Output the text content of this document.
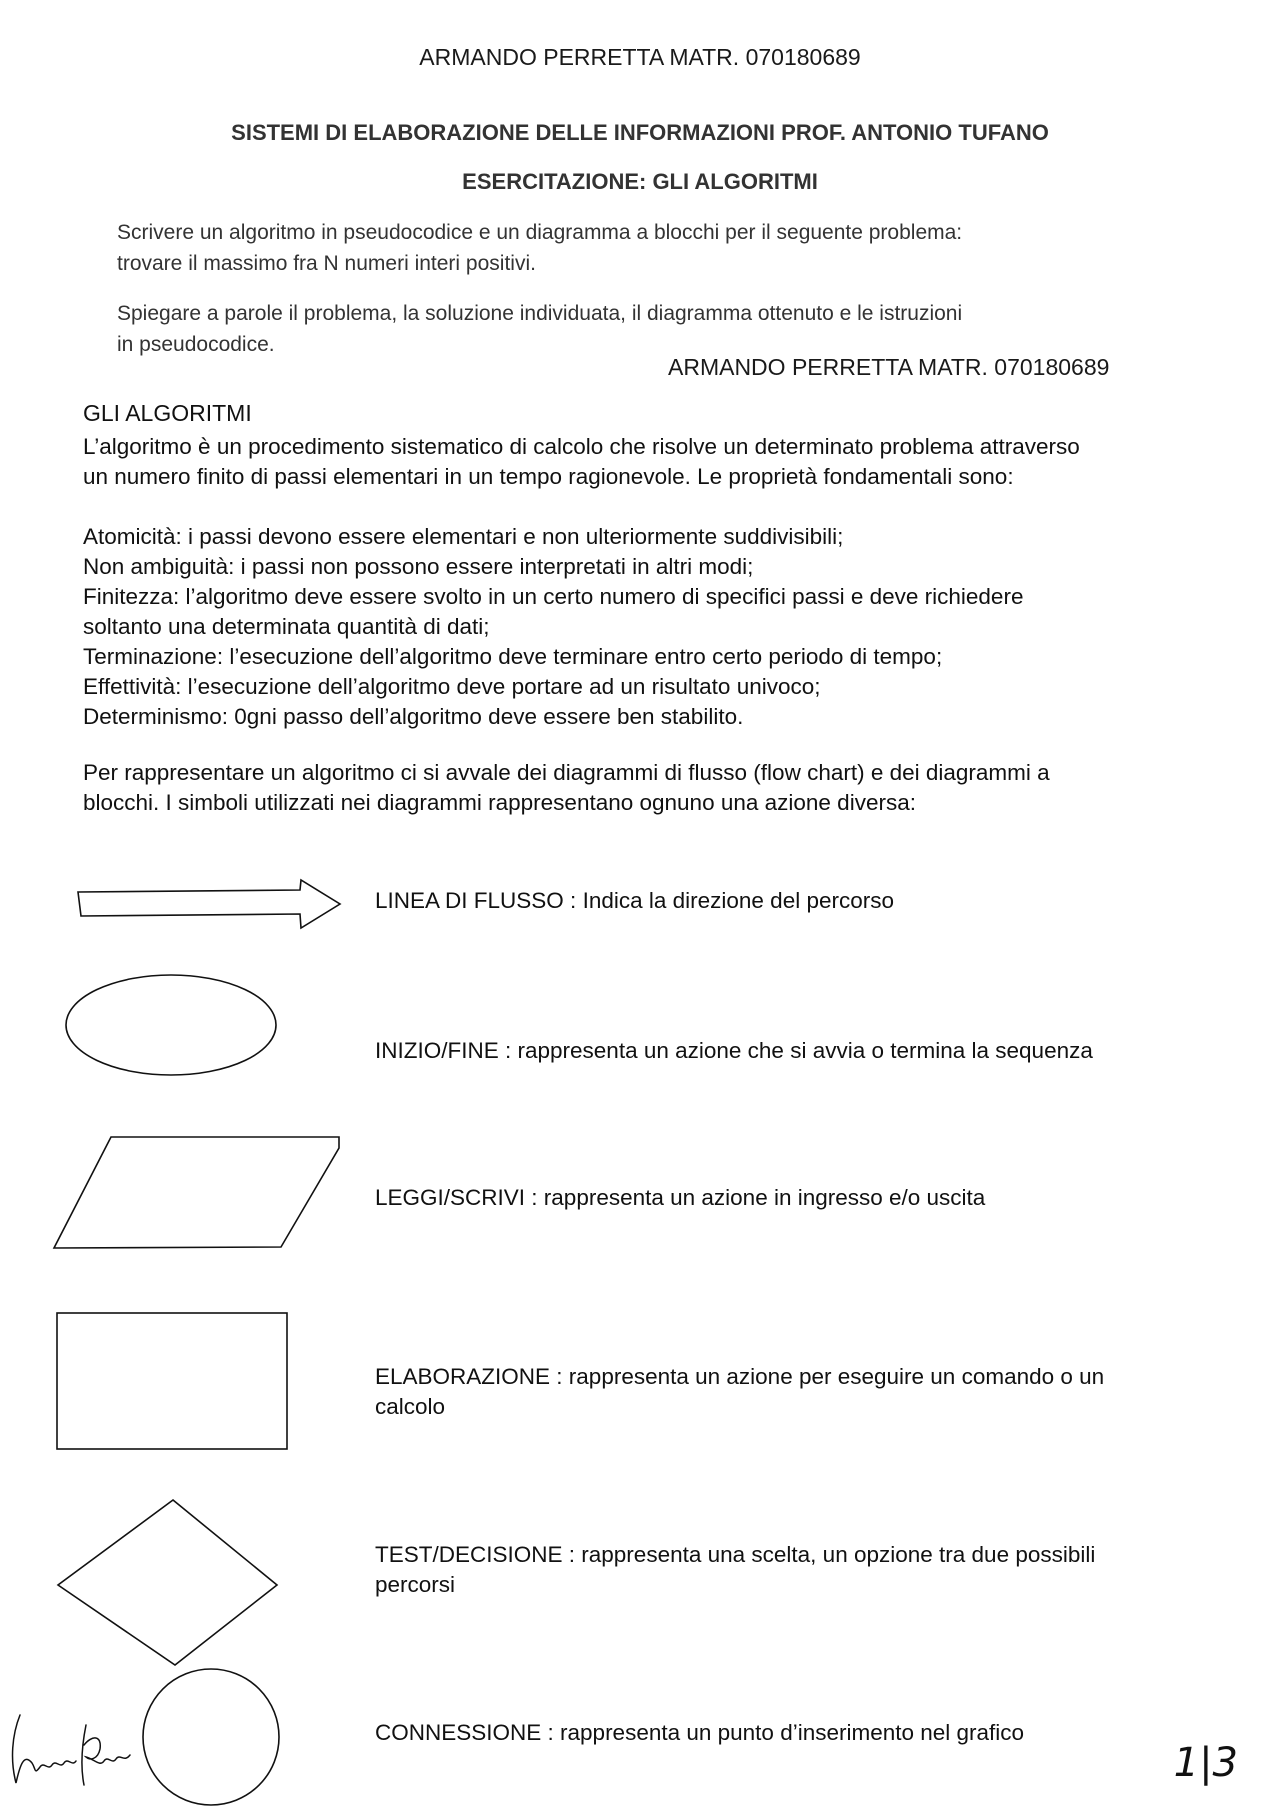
ARMANDO PERRETTA MATR. 070180689
SISTEMI DI ELABORAZIONE DELLE INFORMAZIONI PROF. ANTONIO TUFANO
ESERCITAZIONE: GLI ALGORITMI
Scrivere un algoritmo in pseudocodice e un diagramma a blocchi per il seguente problema:
trovare il massimo fra N numeri interi positivi.
Spiegare a parole il problema, la soluzione individuata, il diagramma ottenuto e le istruzioni
in pseudocodice.
ARMANDO PERRETTA MATR. 070180689
GLI ALGORITMI
L’algoritmo è un procedimento sistematico di calcolo che risolve un determinato problema attraverso
un numero finito di passi elementari in un tempo ragionevole. Le proprietà fondamentali sono:
Atomicità: i passi devono essere elementari e non ulteriormente suddivisibili;
Non ambiguità: i passi non possono essere interpretati in altri modi;
Finitezza: l’algoritmo deve essere svolto in un certo numero di specifici passi e deve richiedere
soltanto una determinata quantità di dati;
Terminazione: l’esecuzione dell’algoritmo deve terminare entro certo periodo di tempo;
Effettività: l’esecuzione dell’algoritmo deve portare ad un risultato univoco;
Determinismo: 0gni passo dell’algoritmo deve essere ben stabilito.
Per rappresentare un algoritmo ci si avvale dei diagrammi di flusso (flow chart) e dei diagrammi a
blocchi. I simboli utilizzati nei diagrammi rappresentano ognuno una azione diversa:
LINEA DI FLUSSO : Indica la direzione del percorso
INIZIO/FINE : rappresenta un azione che si avvia o termina la sequenza
LEGGI/SCRIVI : rappresenta un azione in ingresso e/o uscita
ELABORAZIONE : rappresenta un azione per eseguire un comando o un
calcolo
TEST/DECISIONE : rappresenta una scelta, un opzione tra due possibili
percorsi
CONNESSIONE : rappresenta un punto d’inserimento nel grafico
1|3
